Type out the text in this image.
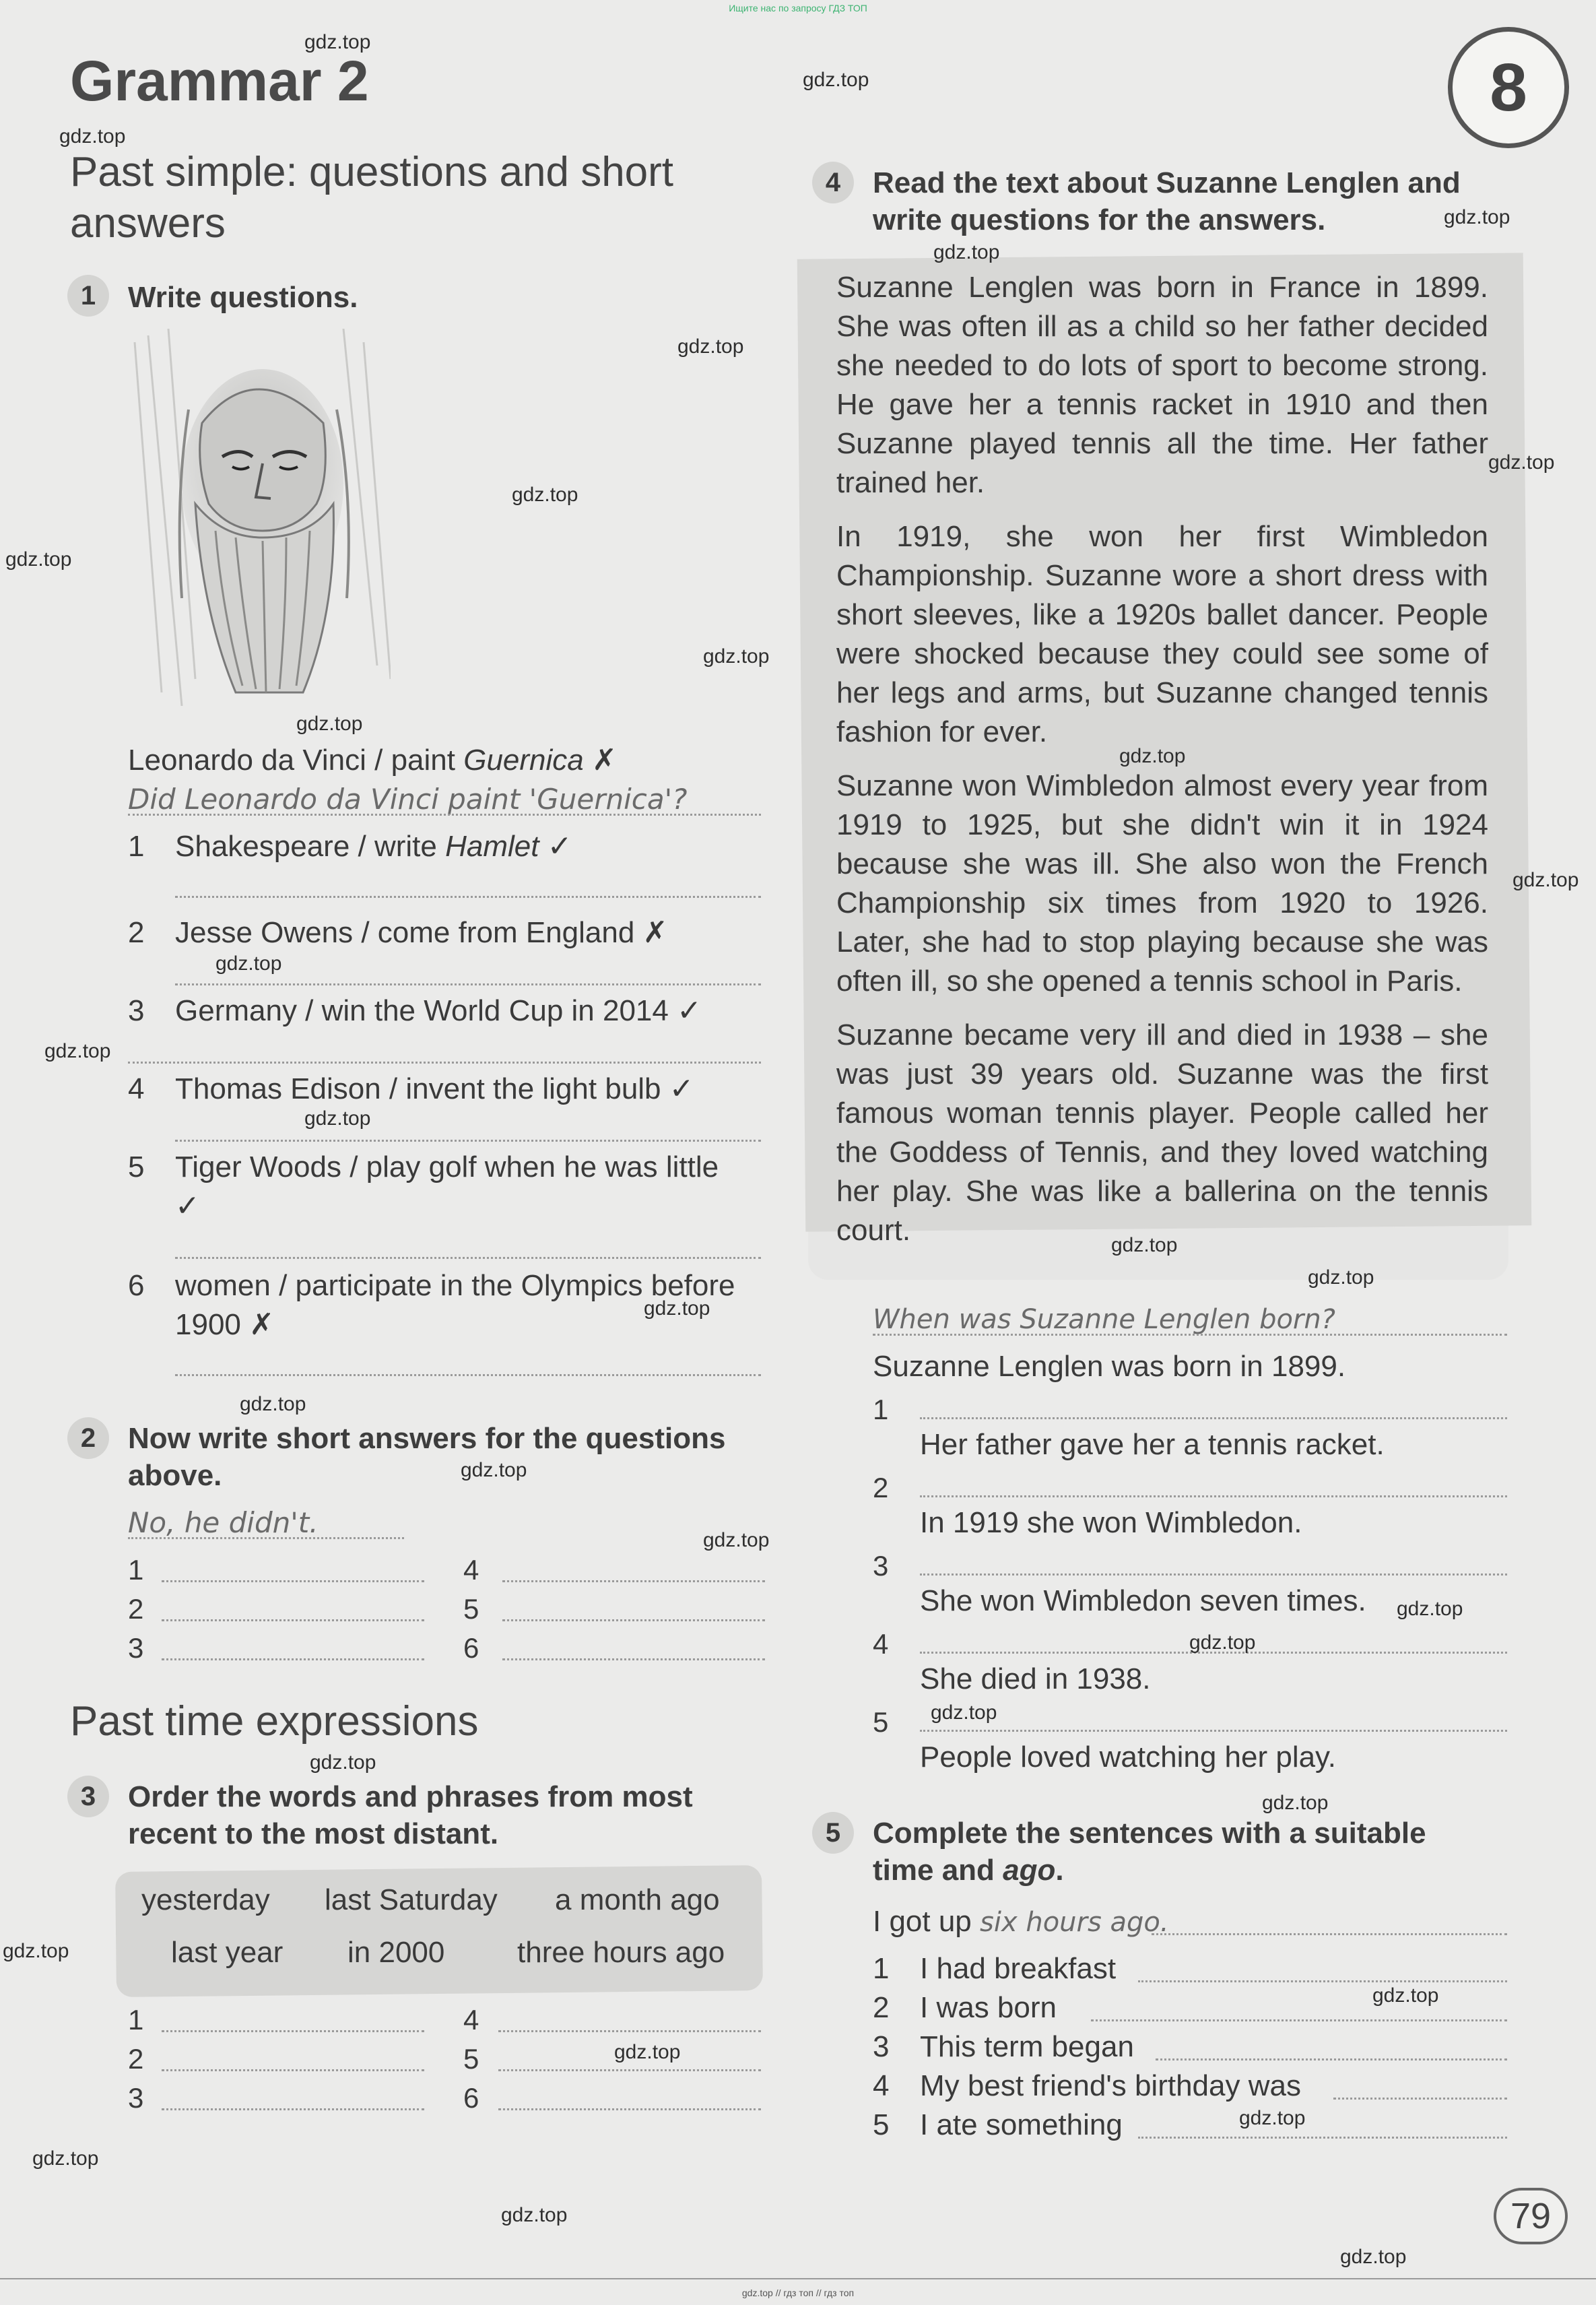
Ищите нас по запросу ГДЗ ТОП
8
Grammar 2
Past simple: questions and short answers
1 Write questions.
Leonardo da Vinci / paint Guernica ✗
Did Leonardo da Vinci paint 'Guernica'?
1 Shakespeare / write Hamlet ✓
2 Jesse Owens / come from England ✗
3 Germany / win the World Cup in 2014 ✓
4 Thomas Edison / invent the light bulb ✓
5 Tiger Woods / play golf when he was little
✓
6 women / participate in the Olympics before
1900 ✗
2 Now write short answers for the questions
above.
No, he didn't.
1
2
3
4
5
6
Past time expressions
3 Order the words and phrases from most
recent to the most distant.
yesterday last Saturday a month ago
last year in 2000 three hours ago
1
2
3
4
5
6
4 Read the text about Suzanne Lenglen and
write questions for the answers.

Suzanne Lenglen was born in France in 1899. She was often ill as a child so her father decided she needed to do lots of sport to become strong. He gave her a tennis racket in 1910 and then Suzanne played tennis all the time. Her father trained her.

In 1919, she won her first Wimbledon Championship. Suzanne wore a short dress with short sleeves, like a 1920s ballet dancer. People were shocked because they could see some of her legs and arms, but Suzanne changed tennis fashion for ever.

Suzanne won Wimbledon almost every year from 1919 to 1925, but she didn't win it in 1924 because she was ill. She also won the French Championship six times from 1920 to 1926. Later, she had to stop playing because she was often ill, so she opened a tennis school in Paris.

Suzanne became very ill and died in 1938 – she was just 39 years old. Suzanne was the first famous woman tennis player. People called her the Goddess of Tennis, and they loved watching her play. She was like a ballerina on the tennis court.

When was Suzanne Lenglen born?
Suzanne Lenglen was born in 1899.
1
Her father gave her a tennis racket.
2
In 1919 she won Wimbledon.
3
She won Wimbledon seven times.
4
She died in 1938.
5
People loved watching her play.
5 Complete the sentences with a suitable
time and ago.
I got up six hours ago.
1 I had breakfast
2 I was born
3 This term began
4 My best friend's birthday was
5 I ate something
79
gdz.top // гдз топ // гдз топ
gdz.top
gdz.top
gdz.top
gdz.top
gdz.top
gdz.top
gdz.top
gdz.top
gdz.top
gdz.top
gdz.top
gdz.top
gdz.top
gdz.top
gdz.top
gdz.top
gdz.top
gdz.top
gdz.top
gdz.top
gdz.top
gdz.top
gdz.top
gdz.top
gdz.top
gdz.top
gdz.top
gdz.top
gdz.top
gdz.top
gdz.top
gdz.top
gdz.top
gdz.top
